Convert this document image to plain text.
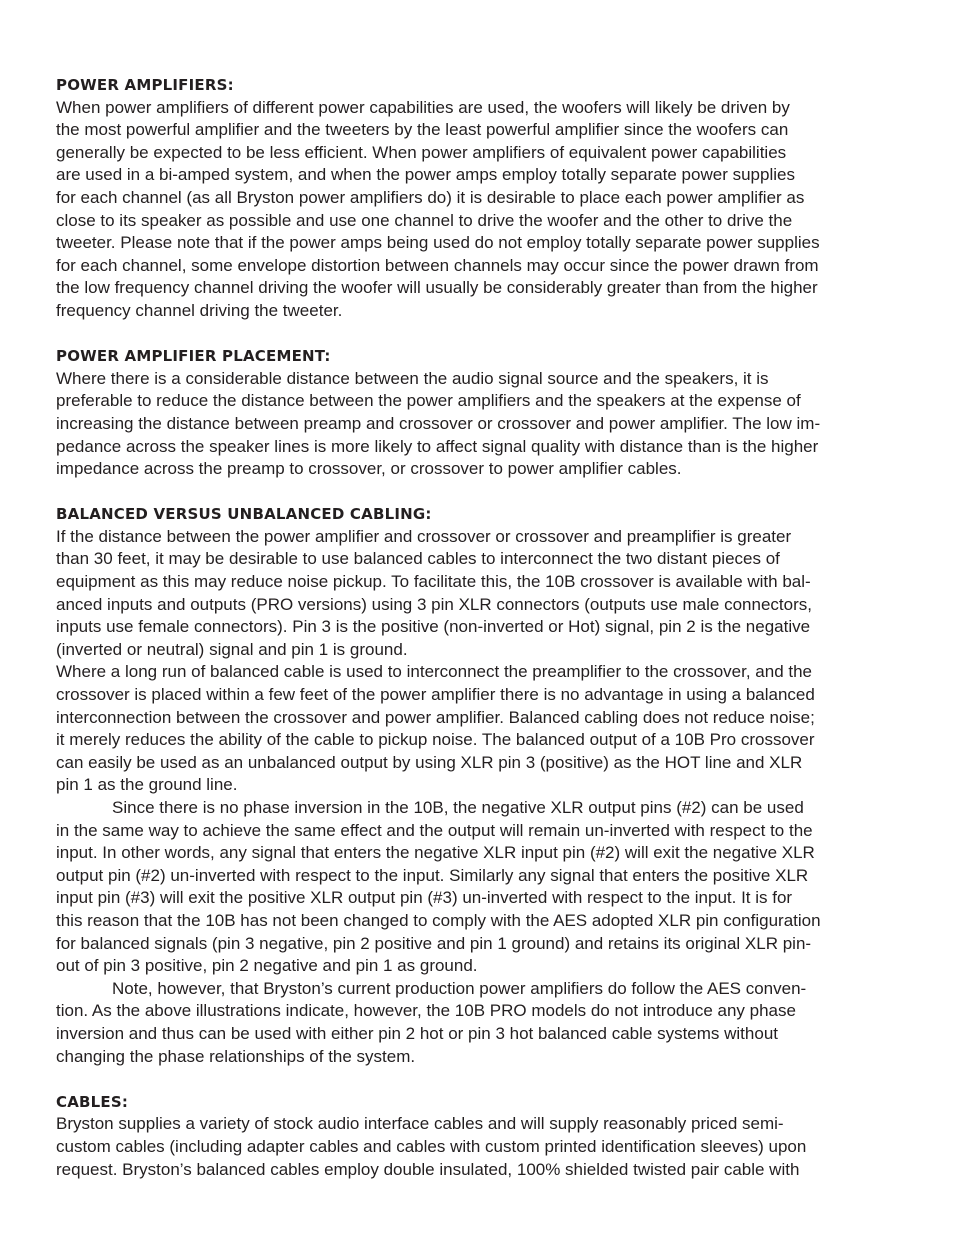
POWER AMPLIFIERS:
When power amplifiers of different power capabilities are used, the woofers will likely be driven by
the most powerful amplifier and the tweeters by the least powerful amplifier since the woofers can
generally be expected to be less efficient. When power amplifiers of equivalent power capabilities
are used in a bi-amped system, and when the power amps employ totally separate power supplies
for each channel (as all Bryston power amplifiers do) it is desirable to place each power amplifier as
close to its speaker as possible and use one channel to drive the woofer and the other to drive the
tweeter. Please note that if the power amps being used do not employ totally separate power supplies
for each channel, some envelope distortion between channels may occur since the power drawn from
the low frequency channel driving the woofer will usually be considerably greater than from the higher
frequency channel driving the tweeter.
POWER AMPLIFIER PLACEMENT:
Where there is a considerable distance between the audio signal source and the speakers, it is
preferable to reduce the distance between the power amplifiers and the speakers at the expense of
increasing the distance between preamp and crossover or crossover and power amplifier. The low im-
pedance across the speaker lines is more likely to affect signal quality with distance than is the higher
impedance across the preamp to crossover, or crossover to power amplifier cables.
BALANCED VERSUS UNBALANCED CABLING:
If the distance between the power amplifier and crossover or crossover and preamplifier is greater
than 30 feet, it may be desirable to use balanced cables to interconnect the two distant pieces of
equipment as this may reduce noise pickup. To facilitate this, the 10B crossover is available with bal-
anced inputs and outputs (PRO versions) using 3 pin XLR connectors (outputs use male connectors,
inputs use female connectors). Pin 3 is the positive (non-inverted or Hot) signal, pin 2 is the negative
(inverted or neutral) signal and pin 1 is ground.
Where a long run of balanced cable is used to interconnect the preamplifier to the crossover, and the
crossover is placed within a few feet of the power amplifier there is no advantage in using a balanced
interconnection between the crossover and power amplifier. Balanced cabling does not reduce noise;
it merely reduces the ability of the cable to pickup noise. The balanced output of a 10B Pro crossover
can easily be used as an unbalanced output by using XLR pin 3 (positive) as the HOT line and XLR
pin 1 as the ground line.
Since there is no phase inversion in the 10B, the negative XLR output pins (#2) can be used
in the same way to achieve the same effect and the output will remain un-inverted with respect to the
input. In other words, any signal that enters the negative XLR input pin (#2) will exit the negative XLR
output pin (#2) un-inverted with respect to the input. Similarly any signal that enters the positive XLR
input pin (#3) will exit the positive XLR output pin (#3) un-inverted with respect to the input. It is for
this reason that the 10B has not been changed to comply with the AES adopted XLR pin configuration
for balanced signals (pin 3 negative, pin 2 positive and pin 1 ground) and retains its original XLR pin-
out of pin 3 positive, pin 2 negative and pin 1 as ground.
Note, however, that Bryston’s current production power amplifiers do follow the AES conven-
tion. As the above illustrations indicate, however, the 10B PRO models do not introduce any phase
inversion and thus can be used with either pin 2 hot or pin 3 hot balanced cable systems without
changing the phase relationships of the system.
CABLES:
Bryston supplies a variety of stock audio interface cables and will supply reasonably priced semi-
custom cables (including adapter cables and cables with custom printed identification sleeves) upon
request. Bryston’s balanced cables employ double insulated, 100% shielded twisted pair cable with
